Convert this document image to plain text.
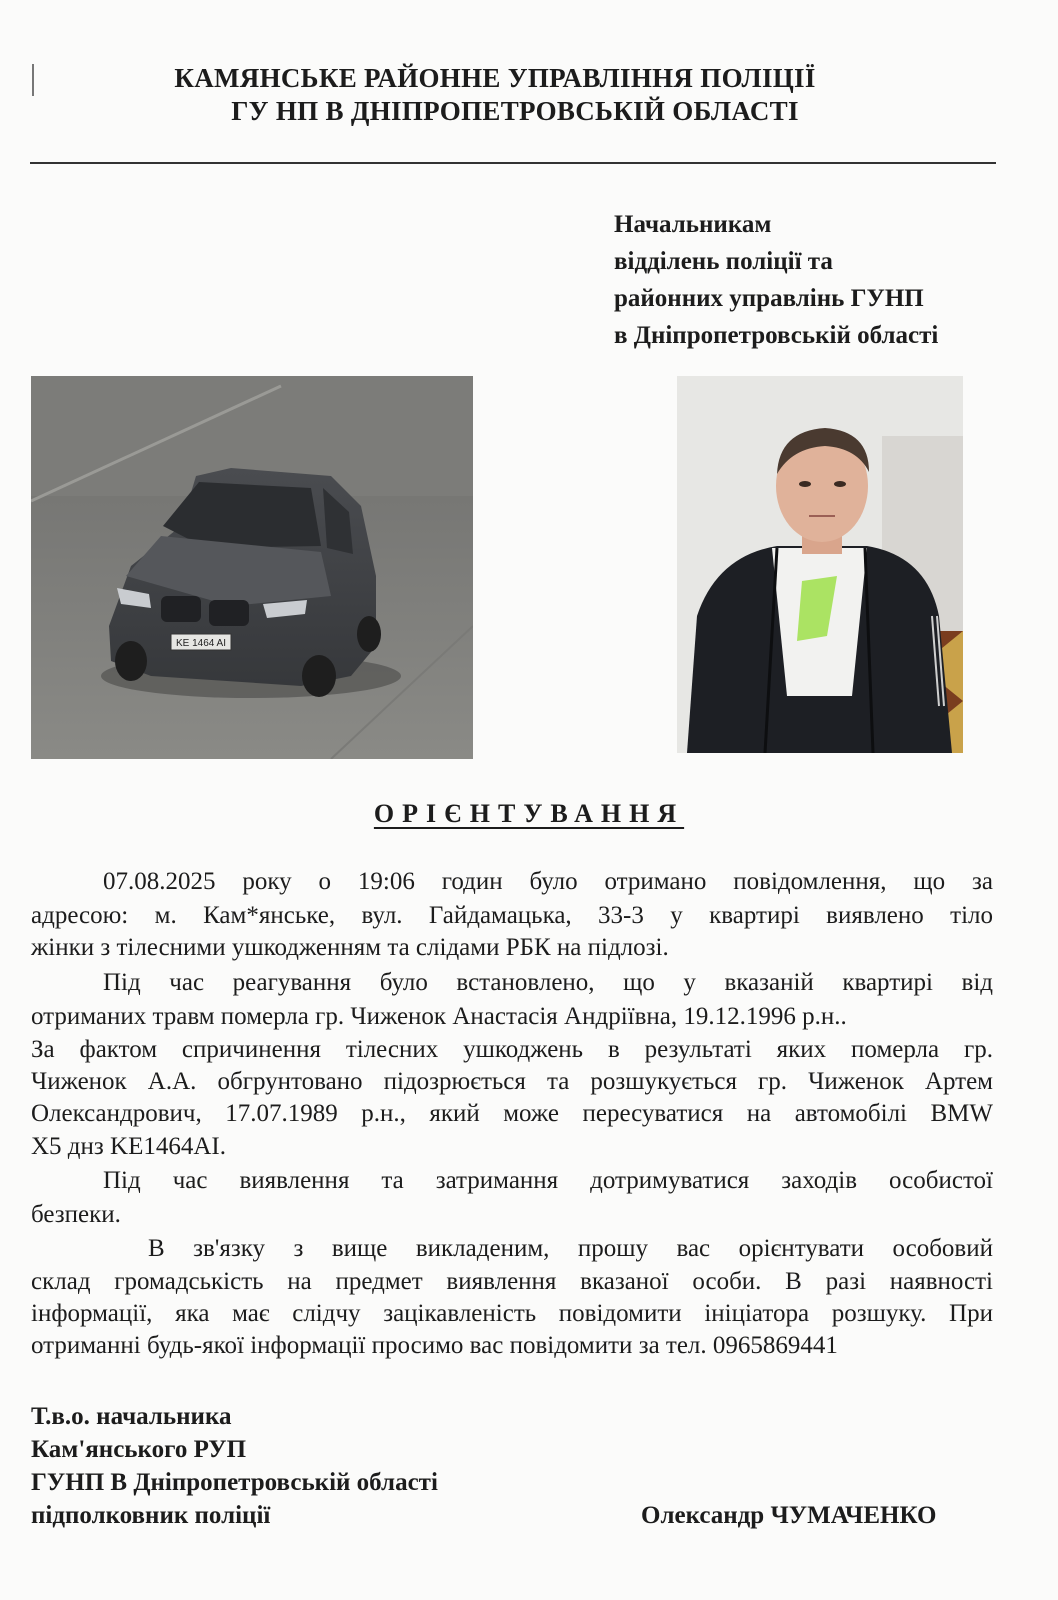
КАМЯНСЬКЕ РАЙОННЕ УПРАВЛІННЯ ПОЛІЦІЇ
ГУ НП В ДНІПРОПЕТРОВСЬКІЙ ОБЛАСТІ
Начальникам
відділень поліції та
районних управлінь ГУНП
в Дніпропетровській області
KE 1464 AI
ОРІЄНТУВАННЯ
07.08.2025 року о 19:06 годин було отримано повідомлення, що за
адресою: м. Кам*янське, вул. Гайдамацька, 33-3 у квартирі виявлено тіло
жінки з тілесними ушкодженням та слідами РБК на підлозі.
Під час реагування було встановлено, що у вказаній квартирі від
отриманих травм померла гр. Чиженок Анастасія Андріївна, 19.12.1996 р.н..
За фактом спричинення тілесних ушкоджень в результаті яких померла гр.
Чиженок А.А. обгрунтовано підозрюється та розшукується гр. Чиженок Артем
Олександрович, 17.07.1989 р.н., який може пересуватися на автомобілі BMW
X5 днз KE1464AI.
Під час виявлення та затримання дотримуватися заходів особистої
безпеки.
В зв'язку з вище викладеним, прошу вас орієнтувати особовий
склад громадськість на предмет виявлення вказаної особи. В разі наявності
інформації, яка має слідчу зацікавленість повідомити ініціатора розшуку. При
отриманні будь-якої інформації просимо вас повідомити за тел. 0965869441
Т.в.о. начальника
Кам'янського РУП
ГУНП В Дніпропетровській області
підполковник поліції	Олександр ЧУМАЧЕНКО
